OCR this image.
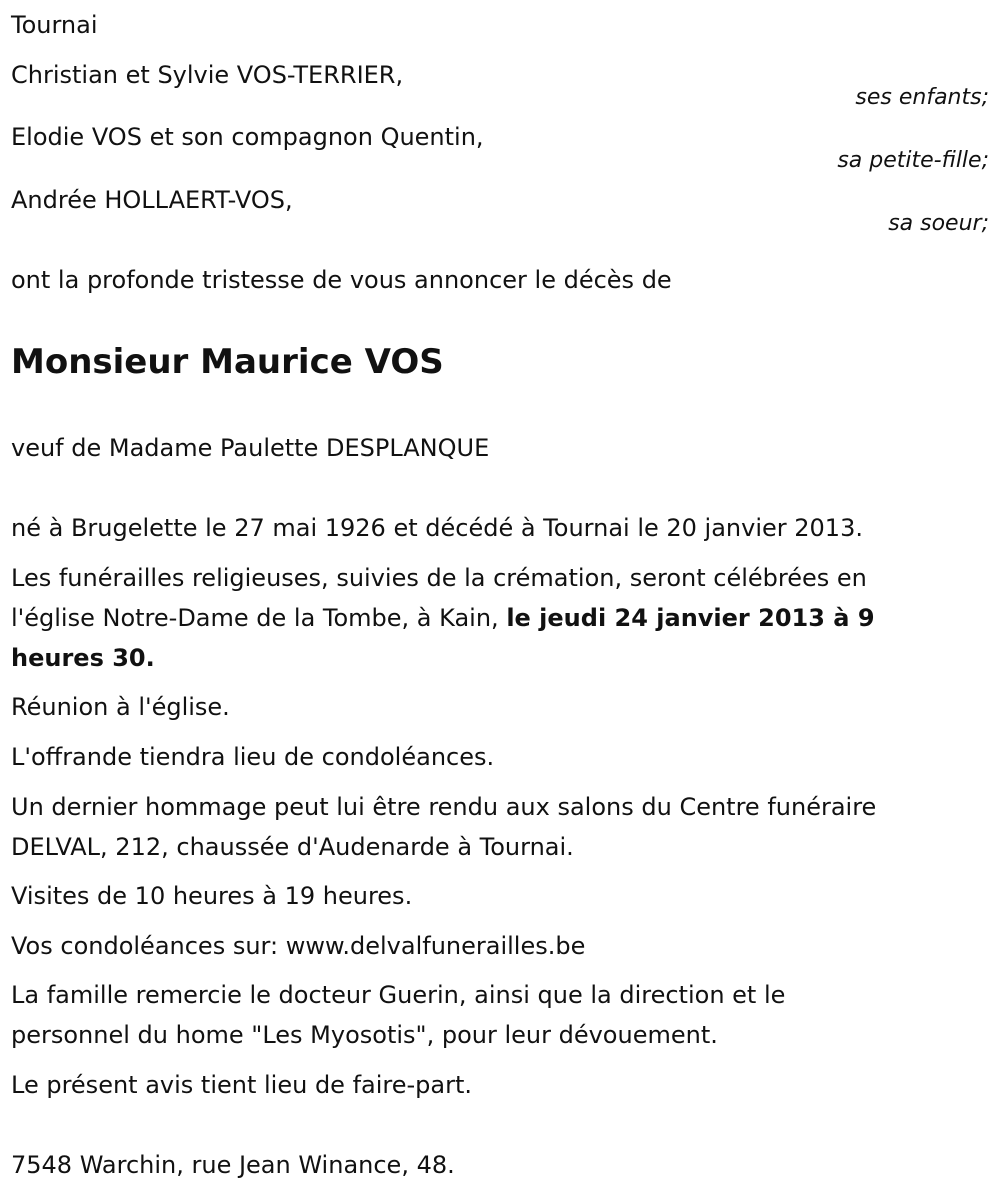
Tournai

Christian et Sylvie VOS-TERRIER,

ses enfants;

Elodie VOS et son compagnon Quentin,

sa petite-fille;

Andrée HOLLAERT-VOS,

sa soeur;

ont la profonde tristesse de vous annoncer le décès de

Monsieur Maurice VOS

veuf de Madame Paulette DESPLANQUE

né à Brugelette le 27 mai 1926 et décédé à Tournai le 20 janvier 2013.

Les funérailles religieuses, suivies de la crémation, seront célébrées en

l'église Notre-Dame de la Tombe, à Kain, le jeudi 24 janvier 2013 à 9

heures 30.

Réunion à l'église.

L'offrande tiendra lieu de condoléances.

Un dernier hommage peut lui être rendu aux salons du Centre funéraire

DELVAL, 212, chaussée d'Audenarde à Tournai.

Visites de 10 heures à 19 heures.

Vos condoléances sur: www.delvalfunerailles.be

La famille remercie le docteur Guerin, ainsi que la direction et le

personnel du home "Les Myosotis", pour leur dévouement.

Le présent avis tient lieu de faire-part.

7548 Warchin, rue Jean Winance, 48.
